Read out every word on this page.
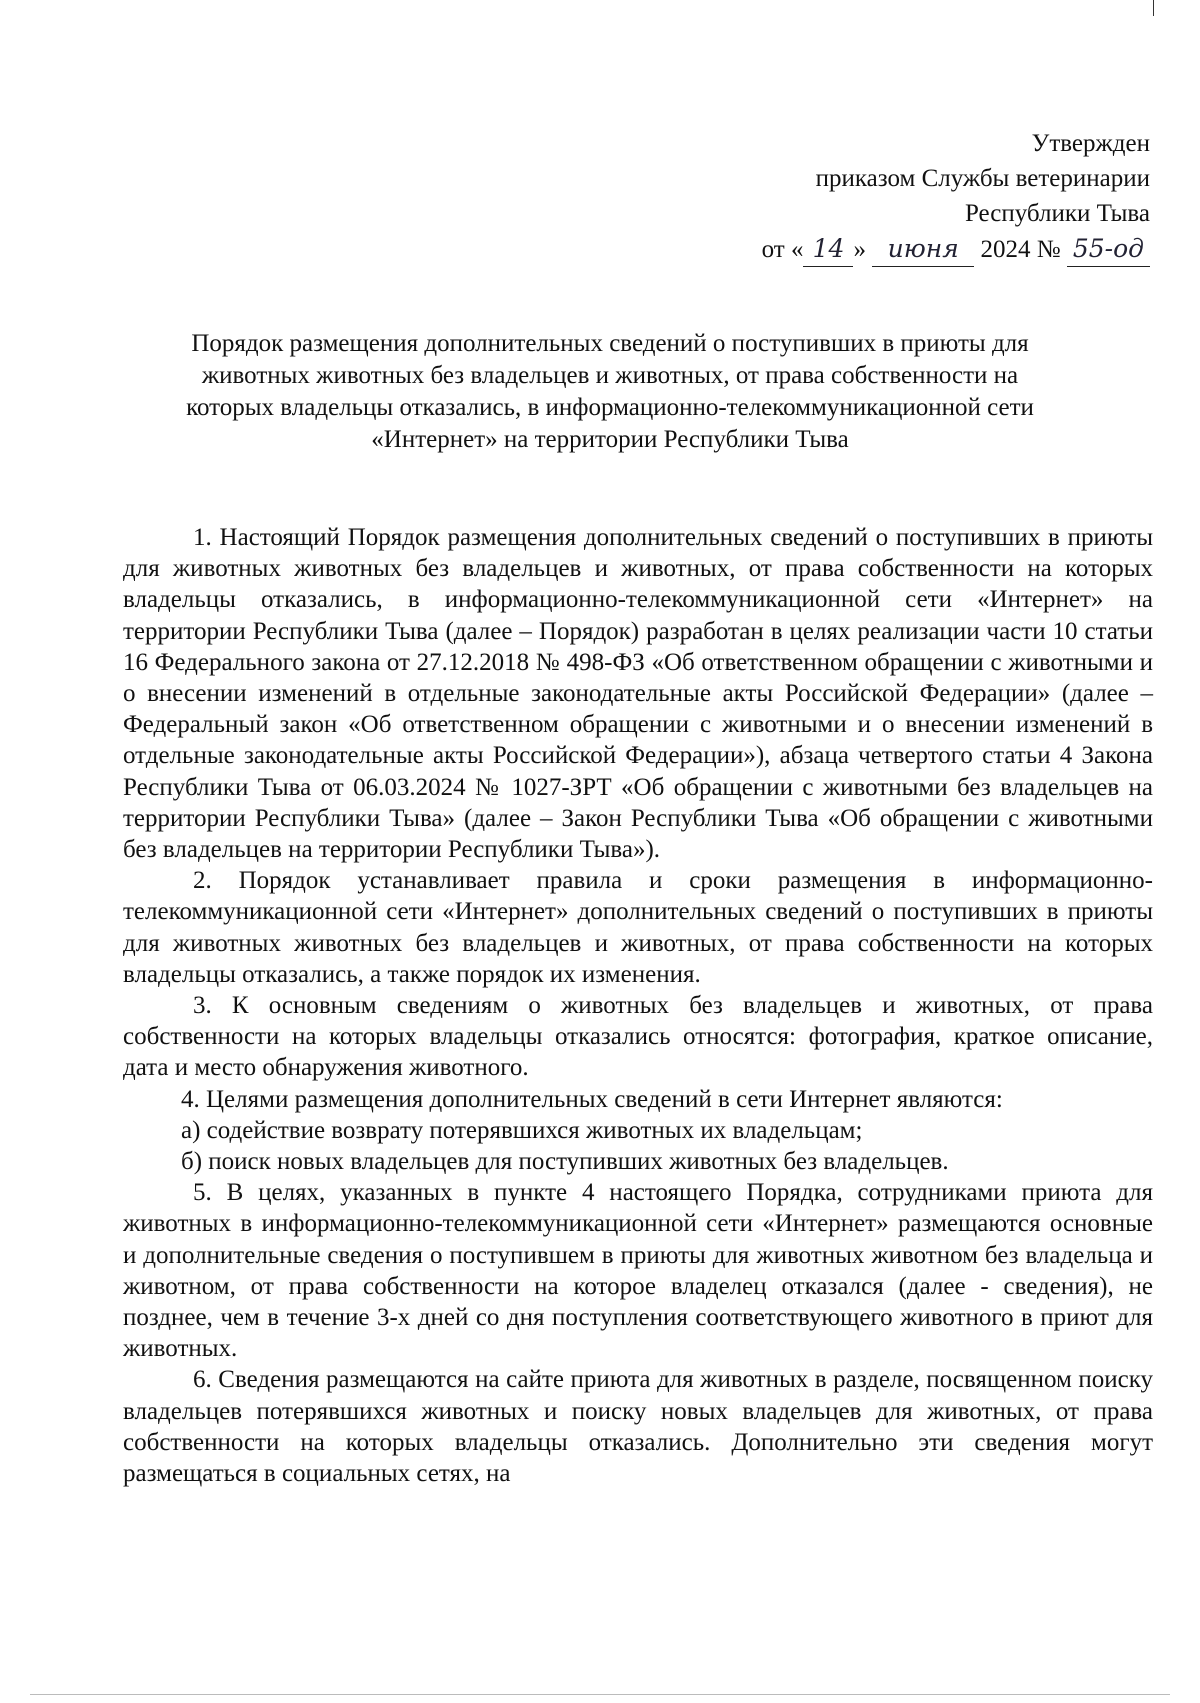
Утвержден
приказом Службы ветеринарии
Республики Тыва
от « 14 » июня 2024 № 55-од
Порядок размещения дополнительных сведений о поступивших в приюты для
животных животных без владельцев и животных, от права собственности на
которых владельцы отказались, в информационно-телекоммуникационной сети
«Интернет» на территории Республики Тыва

1. Настоящий Порядок размещения дополнительных сведений о поступивших в приюты для животных животных без владельцев и животных, от права собственности на которых владельцы отказались, в информационно-телекоммуникационной сети «Интернет» на территории Республики Тыва (далее – Порядок) разработан в целях реализации части 10 статьи 16 Федерального закона от 27.12.2018 № 498-ФЗ «Об ответственном обращении с животными и о внесении изменений в отдельные законодательные акты Российской Федерации» (далее – Федеральный закон «Об ответственном обращении с животными и о внесении изменений в отдельные законодательные акты Российской Федерации»), абзаца четвертого статьи 4 Закона Республики Тыва от 06.03.2024 № 1027-ЗРТ «Об обращении с животными без владельцев на территории Республики Тыва» (далее – Закон Республики Тыва «Об обращении с животными без владельцев на территории Республики Тыва»).

2. Порядок устанавливает правила и сроки размещения в информационно-телекоммуникационной сети «Интернет» дополнительных сведений о поступивших в приюты для животных животных без владельцев и животных, от права собственности на которых владельцы отказались, а также порядок их изменения.

3. К основным сведениям о животных без владельцев и животных, от права собственности на которых владельцы отказались относятся: фотография, краткое описание, дата и место обнаружения животного.

4. Целями размещения дополнительных сведений в сети Интернет являются:

а) содействие возврату потерявшихся животных их владельцам;

б) поиск новых владельцев для поступивших животных без владельцев.

5. В целях, указанных в пункте 4 настоящего Порядка, сотрудниками приюта для животных в информационно-телекоммуникационной сети «Интернет» размещаются основные и дополнительные сведения о поступившем в приюты для животных животном без владельца и животном, от права собственности на которое владелец отказался (далее - сведения), не позднее, чем в течение 3-х дней со дня поступления соответствующего животного в приют для животных.

6. Сведения размещаются на сайте приюта для животных в разделе, посвященном поиску владельцев потерявшихся животных и поиску новых владельцев для животных, от права собственности на которых владельцы отказались. Дополнительно эти сведения могут размещаться в социальных сетях, на
